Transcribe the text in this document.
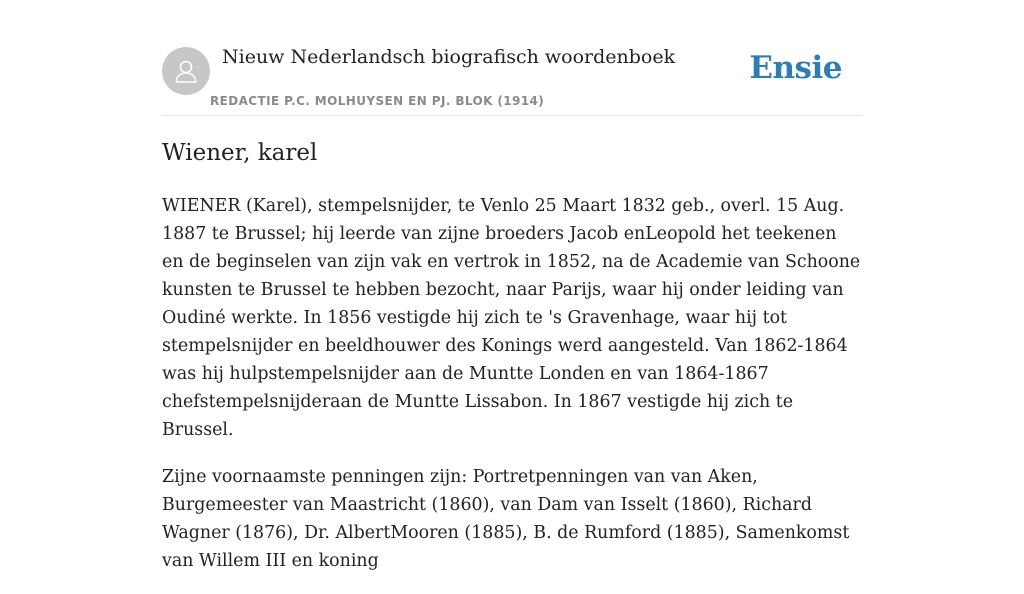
Nieuw Nederlandsch biografisch woordenboek
REDACTIE P.C. MOLHUYSEN EN PJ. BLOK (1914)
Ensie
Wiener, karel

WIENER (Karel), stempelsnijder, te Venlo 25 Maart 1832 geb., overl. 15 Aug. 1887 te Brussel; hij leerde van zijne broeders Jacob enLeopold het teekenen en de beginselen van zijn vak en vertrok in 1852, na de Academie van Schoone kunsten te Brussel te hebben bezocht, naar Parijs, waar hij onder leiding van Oudiné werkte. In 1856 vestigde hij zich te 's Gravenhage, waar hij tot stempelsnijder en beeldhouwer des Konings werd aangesteld. Van 1862-1864 was hij hulpstempelsnijder aan de Muntte Londen en van 1864-1867 chefstempelsnijderaan de Muntte Lissabon. In 1867 vestigde hij zich te Brussel.

Zijne voornaamste penningen zijn: Portretpenningen van van Aken, Burgemeester van Maastricht (1860), van Dam van Isselt (1860), Richard Wagner (1876), Dr. AlbertMooren (1885), B. de Rumford (1885), Samenkomst van Willem III en koning
